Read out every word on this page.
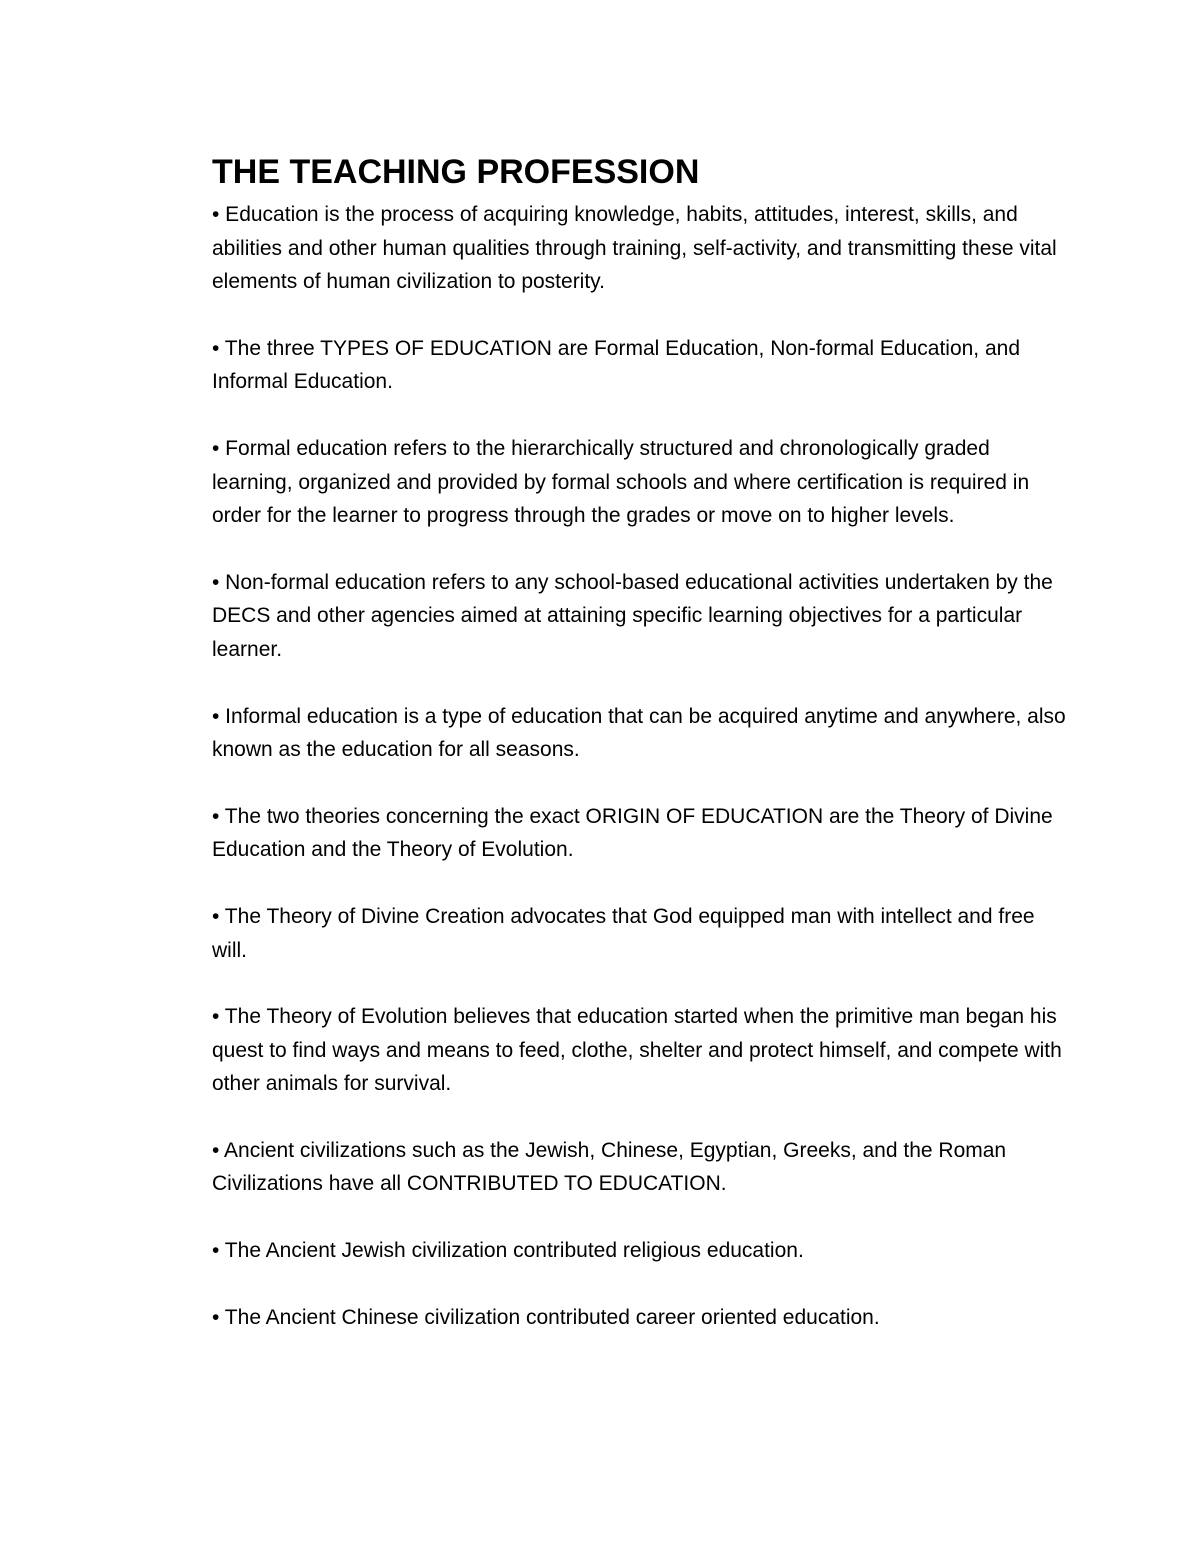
THE TEACHING PROFESSION

• Education is the process of acquiring knowledge, habits, attitudes, interest, skills, and abilities and other human qualities through training, self-activity, and transmitting these vital elements of human civilization to posterity.

• The three TYPES OF EDUCATION are Formal Education, Non-formal Education, and Informal Education.

• Formal education refers to the hierarchically structured and chronologically graded learning, organized and provided by formal schools and where certification is required in order for the learner to progress through the grades or move on to higher levels.

• Non-formal education refers to any school-based educational activities undertaken by the DECS and other agencies aimed at attaining specific learning objectives for a particular learner.

• Informal education is a type of education that can be acquired anytime and anywhere, also known as the education for all seasons.

• The two theories concerning the exact ORIGIN OF EDUCATION are the Theory of Divine Education and the Theory of Evolution.

• The Theory of Divine Creation advocates that God equipped man with intellect and free will.

• The Theory of Evolution believes that education started when the primitive man began his quest to find ways and means to feed, clothe, shelter and protect himself, and compete with other animals for survival.

• Ancient civilizations such as the Jewish, Chinese, Egyptian, Greeks, and the Roman Civilizations have all CONTRIBUTED TO EDUCATION.

• The Ancient Jewish civilization contributed religious education.

• The Ancient Chinese civilization contributed career oriented education.
